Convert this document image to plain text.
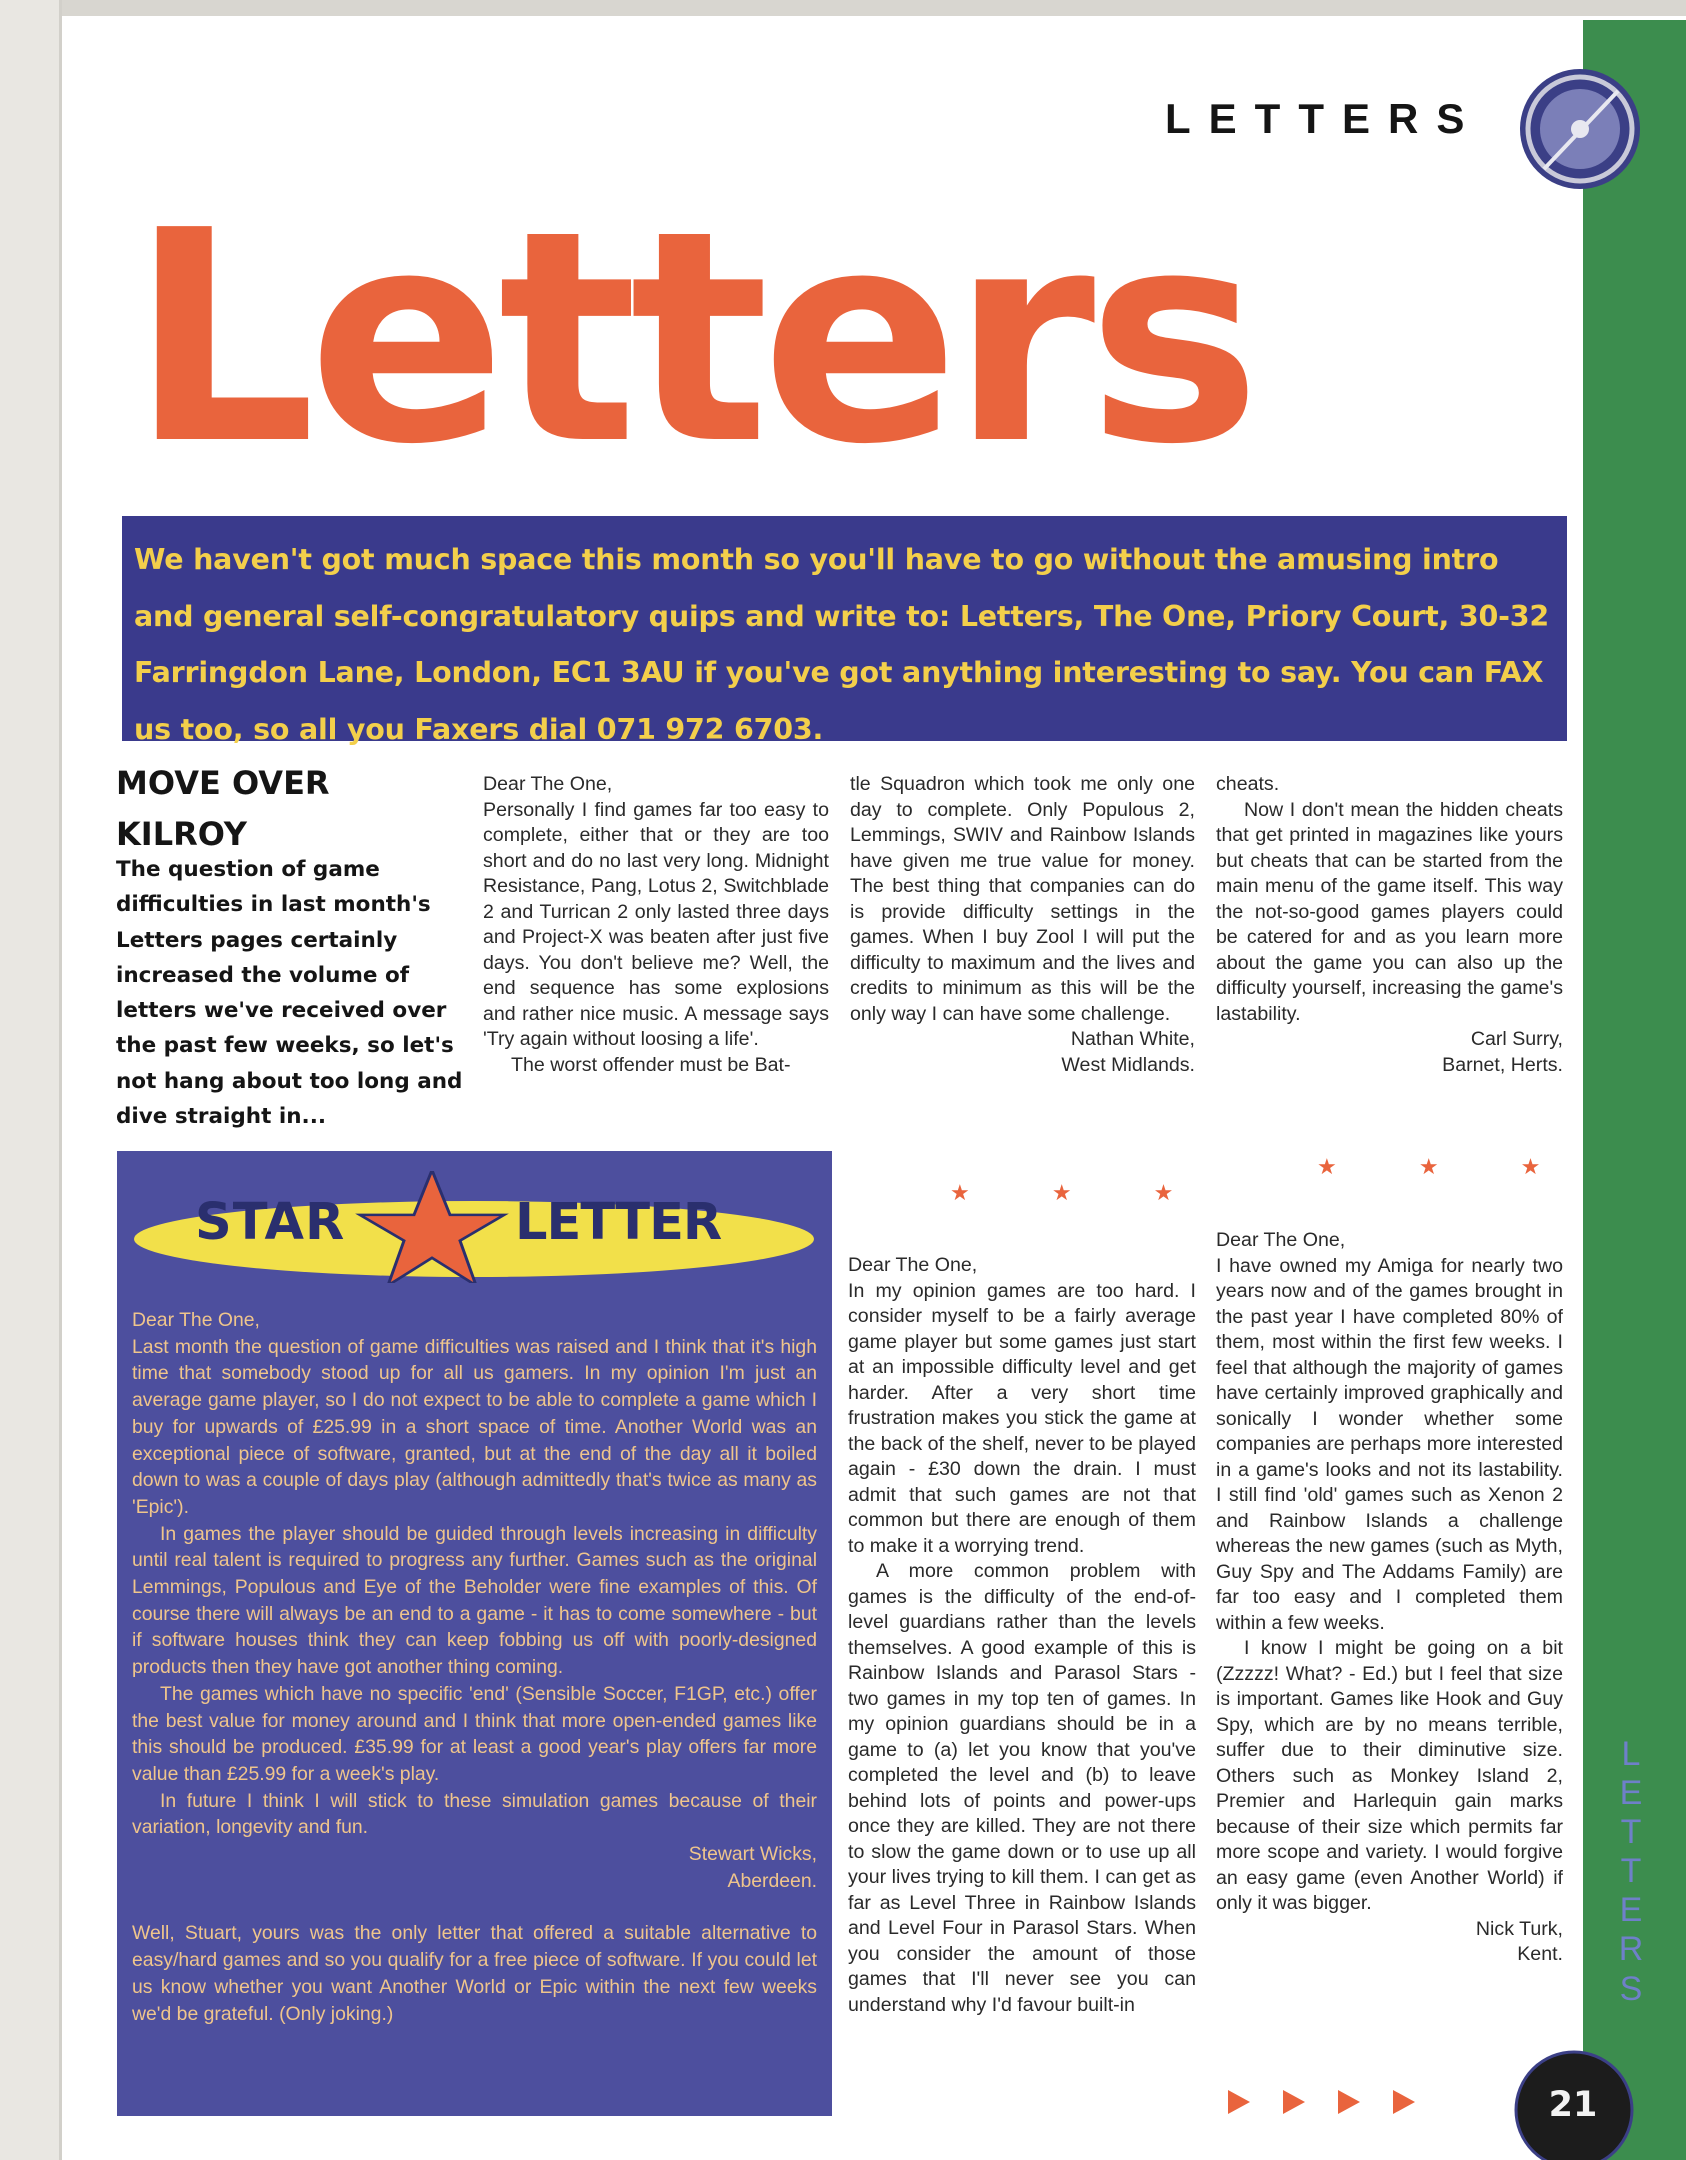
L
E
T
T
E
R
S
LETTERS
Letters

We haven't got much space this month so you'll have to go without the amusing intro and general self-congratulatory quips and write to: Letters, The One, Priory Court, 30-32 Farringdon Lane, London, EC1 3AU if you've got anything interesting to say. You can FAX us too, so all you Faxers dial 071 972 6703.

MOVE OVER KILROY
The question of game difficulties in last month's Letters pages certainly increased the volume of letters we've received over the past few weeks, so let's not hang about too long and dive straight in...

Dear The One,

Personally I find games far too easy to complete, either that or they are too short and do no last very long. Midnight Resistance, Pang, Lotus 2, Switchblade 2 and Turrican 2 only lasted three days and Project-X was beaten after just five days. You don't believe me? Well, the end sequence has some explosions and rather nice music. A message says 'Try again without loosing a life'.

The worst offender must be Bat-

tle Squadron which took me only one day to complete. Only Populous 2, Lemmings, SWIV and Rainbow Islands have given me true value for money. The best thing that companies can do is provide difficulty settings in the games. When I buy Zool I will put the difficulty to maximum and the lives and credits to minimum as this will be the only way I can have some challenge.

Nathan White,

West Midlands.

cheats.

Now I don't mean the hidden cheats that get printed in magazines like yours but cheats that can be started from the main menu of the game itself. This way the not-so-good games players could be catered for and as you learn more about the game you can also up the difficulty yourself, increasing the game's lastability.

Carl Surry,

Barnet, Herts.

★ ★ ★
★ ★ ★
STAR	LETTER

Dear The One,

Last month the question of game difficulties was raised and I think that it's high time that somebody stood up for all us gamers. In my opinion I'm just an average game player, so I do not expect to be able to complete a game which I buy for upwards of £25.99 in a short space of time. Another World was an exceptional piece of software, granted, but at the end of the day all it boiled down to was a couple of days play (although admittedly that's twice as many as 'Epic').

In games the player should be guided through levels increasing in difficulty until real talent is required to progress any further. Games such as the original Lemmings, Populous and Eye of the Beholder were fine examples of this. Of course there will always be an end to a game - it has to come somewhere - but if software houses think they can keep fobbing us off with poorly-designed products then they have got another thing coming.

The games which have no specific 'end' (Sensible Soccer, F1GP, etc.) offer the best value for money around and I think that more open-ended games like this should be produced. £35.99 for at least a good year's play offers far more value than £25.99 for a week's play.

In future I think I will stick to these simulation games because of their variation, longevity and fun.

Stewart Wicks,

Aberdeen.

Well, Stuart, yours was the only letter that offered a suitable alternative to easy/hard games and so you qualify for a free piece of software. If you could let us know whether you want Another World or Epic within the next few weeks we'd be grateful. (Only joking.)

Dear The One,

In my opinion games are too hard. I consider myself to be a fairly average game player but some games just start at an impossible difficulty level and get harder. After a very short time frustration makes you stick the game at the back of the shelf, never to be played again - £30 down the drain. I must admit that such games are not that common but there are enough of them to make it a worrying trend.

A more common problem with games is the difficulty of the end-of-level guardians rather than the levels themselves. A good example of this is Rainbow Islands and Parasol Stars - two games in my top ten of games. In my opinion guardians should be in a game to (a) let you know that you've completed the level and (b) to leave behind lots of points and power-ups once they are killed. They are not there to slow the game down or to use up all your lives trying to kill them. I can get as far as Level Three in Rainbow Islands and Level Four in Parasol Stars. When you consider the amount of those games that I'll never see you can understand why I'd favour built-in

Dear The One,

I have owned my Amiga for nearly two years now and of the games brought in the past year I have completed 80% of them, most within the first few weeks. I feel that although the majority of games have certainly improved graphically and sonically I wonder whether some companies are perhaps more interested in a game's looks and not its lastability. I still find 'old' games such as Xenon 2 and Rainbow Islands a challenge whereas the new games (such as Myth, Guy Spy and The Addams Family) are far too easy and I completed them within a few weeks.

I know I might be going on a bit (Zzzzz! What? - Ed.) but I feel that size is important. Games like Hook and Guy Spy, which are by no means terrible, suffer due to their diminutive size. Others such as Monkey Island 2, Premier and Harlequin gain marks because of their size which permits far more scope and variety. I would forgive an easy game (even Another World) if only it was bigger.

Nick Turk,

Kent.

21
